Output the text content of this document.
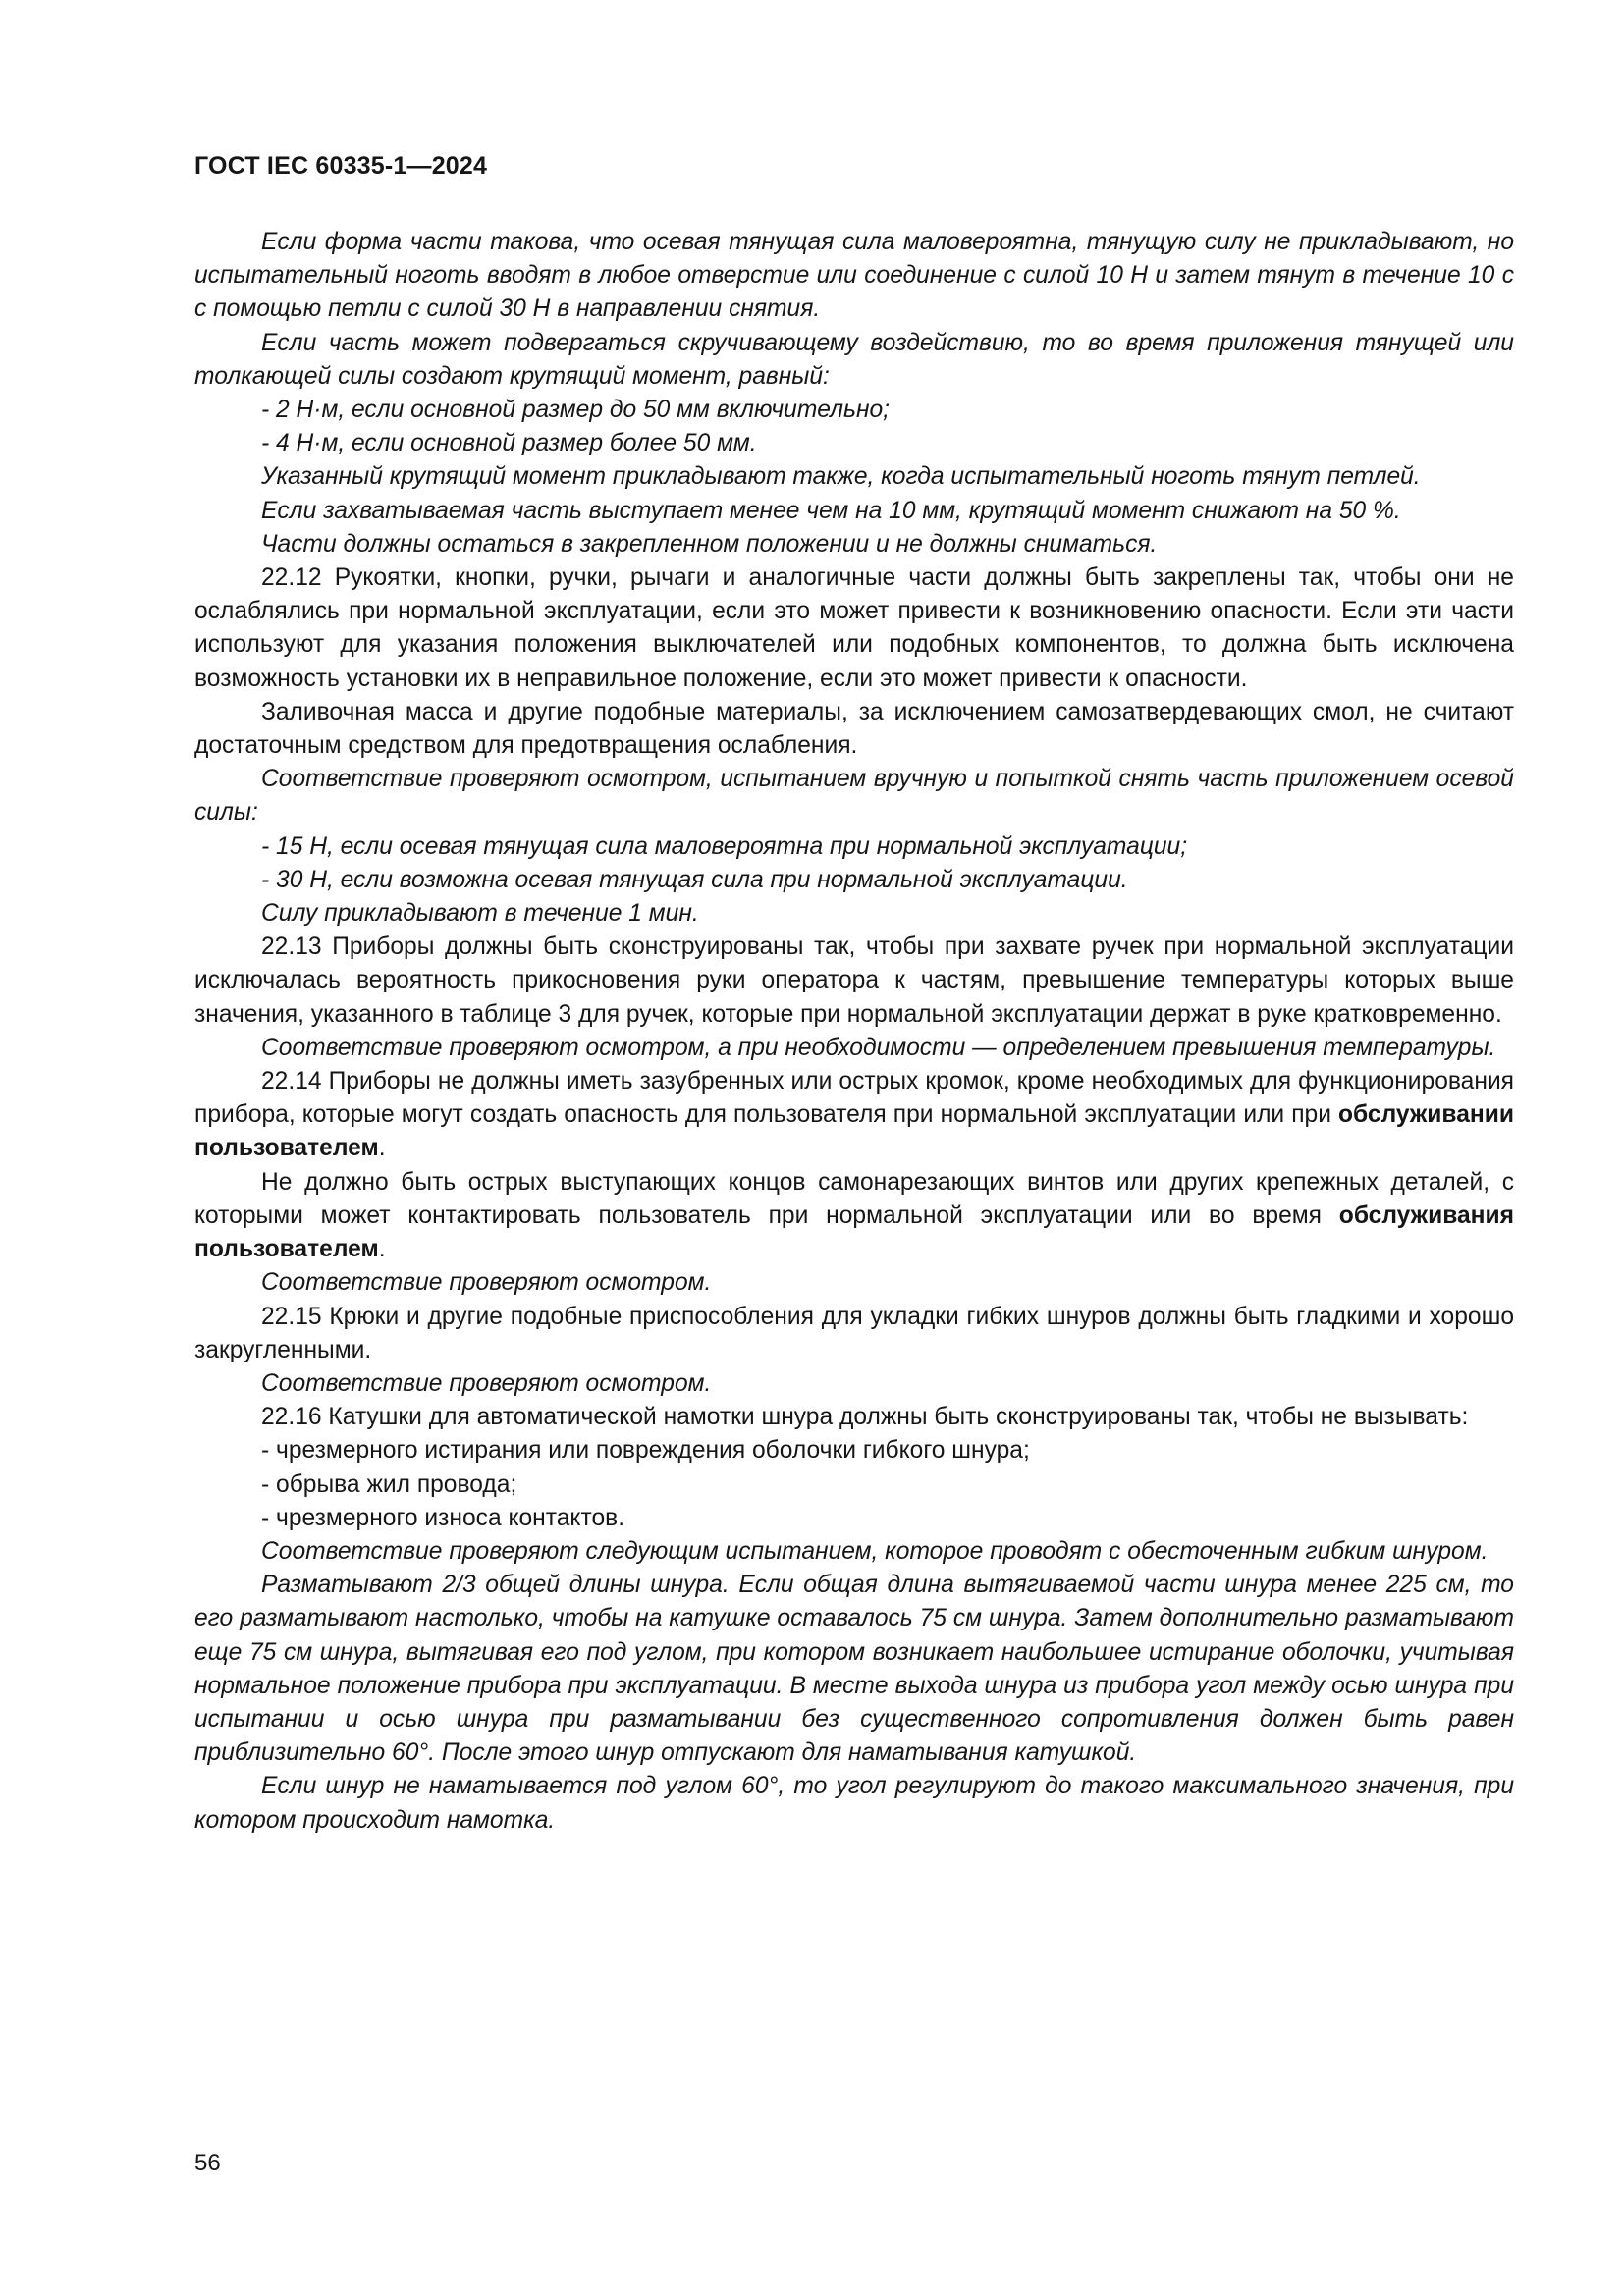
ГОСТ IEC 60335-1—2024

Если форма части такова, что осевая тянущая сила маловероятна, тянущую силу не прикладывают, но испытательный ноготь вводят в любое отверстие или соединение с силой 10 Н и затем тянут в течение 10 с с помощью петли с силой 30 Н в направлении снятия.

Если часть может подвергаться скручивающему воздействию, то во время приложения тянущей или толкающей силы создают крутящий момент, равный:

- 2 Н·м, если основной размер до 50 мм включительно;

- 4 Н·м, если основной размер более 50 мм.

Указанный крутящий момент прикладывают также, когда испытательный ноготь тянут петлей.

Если захватываемая часть выступает менее чем на 10 мм, крутящий момент снижают на 50 %.

Части должны остаться в закрепленном положении и не должны сниматься.

22.12 Рукоятки, кнопки, ручки, рычаги и аналогичные части должны быть закреплены так, чтобы они не ослаблялись при нормальной эксплуатации, если это может привести к возникновению опасности. Если эти части используют для указания положения выключателей или подобных компонентов, то должна быть исключена возможность установки их в неправильное положение, если это может привести к опасности.

Заливочная масса и другие подобные материалы, за исключением самозатвердевающих смол, не считают достаточным средством для предотвращения ослабления.

Соответствие проверяют осмотром, испытанием вручную и попыткой снять часть приложением осевой силы:

- 15 Н, если осевая тянущая сила маловероятна при нормальной эксплуатации;

- 30 Н, если возможна осевая тянущая сила при нормальной эксплуатации.

Силу прикладывают в течение 1 мин.

22.13 Приборы должны быть сконструированы так, чтобы при захвате ручек при нормальной эксплуатации исключалась вероятность прикосновения руки оператора к частям, превышение температуры которых выше значения, указанного в таблице 3 для ручек, которые при нормальной эксплуатации держат в руке кратковременно.

Соответствие проверяют осмотром, а при необходимости — определением превышения температуры.

22.14 Приборы не должны иметь зазубренных или острых кромок, кроме необходимых для функционирования прибора, которые могут создать опасность для пользователя при нормальной эксплуатации или при обслуживании пользователем.

Не должно быть острых выступающих концов самонарезающих винтов или других крепежных деталей, с которыми может контактировать пользователь при нормальной эксплуатации или во время обслуживания пользователем.

Соответствие проверяют осмотром.

22.15 Крюки и другие подобные приспособления для укладки гибких шнуров должны быть гладкими и хорошо закругленными.

Соответствие проверяют осмотром.

22.16 Катушки для автоматической намотки шнура должны быть сконструированы так, чтобы не вызывать:

- чрезмерного истирания или повреждения оболочки гибкого шнура;

- обрыва жил провода;

- чрезмерного износа контактов.

Соответствие проверяют следующим испытанием, которое проводят с обесточенным гибким шнуром.

Разматывают 2/3 общей длины шнура. Если общая длина вытягиваемой части шнура менее 225 см, то его разматывают настолько, чтобы на катушке оставалось 75 см шнура. Затем дополнительно разматывают еще 75 см шнура, вытягивая его под углом, при котором возникает наибольшее истирание оболочки, учитывая нормальное положение прибора при эксплуатации. В месте выхода шнура из прибора угол между осью шнура при испытании и осью шнура при разматывании без существенного сопротивления должен быть равен приблизительно 60°. После этого шнур отпускают для наматывания катушкой.

Если шнур не наматывается под углом 60°, то угол регулируют до такого максимального значения, при котором происходит намотка.

56
